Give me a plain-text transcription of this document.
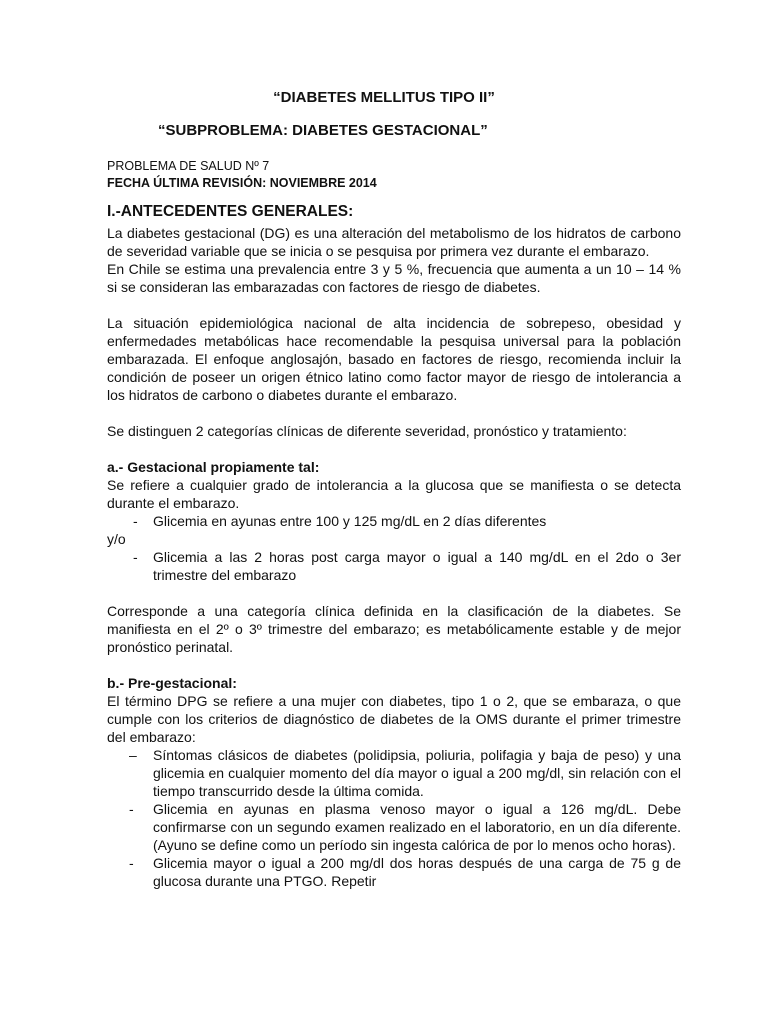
“DIABETES MELLITUS TIPO II”

“SUBPROBLEMA: DIABETES GESTACIONAL”

PROBLEMA DE SALUD Nº 7
FECHA ÚLTIMA REVISIÓN: NOVIEMBRE 2014
I.-ANTECEDENTES GENERALES:

La diabetes gestacional (DG) es una alteración del metabolismo de los hidratos de carbono de severidad variable que se inicia o se pesquisa por primera vez durante el embarazo.

En Chile se estima una prevalencia entre 3 y 5 %, frecuencia que aumenta a un 10 – 14 % si se consideran las embarazadas con factores de riesgo de diabetes.

La situación epidemiológica nacional de alta incidencia de sobrepeso, obesidad y enfermedades metabólicas hace recomendable la pesquisa universal para la población embarazada. El enfoque anglosajón, basado en factores de riesgo, recomienda incluir la condición de poseer un origen étnico latino como factor mayor de riesgo de intolerancia a los hidratos de carbono o diabetes durante el embarazo.

Se distinguen 2 categorías clínicas de diferente severidad, pronóstico y tratamiento:

a.- Gestacional propiamente tal:

Se refiere a cualquier grado de intolerancia a la glucosa que se manifiesta o se detecta durante el embarazo.

- Glicemia en ayunas entre 100 y 125 mg/dL en 2 días diferentes
y/o
- Glicemia a las 2 horas post carga mayor o igual a 140 mg/dL en el 2do o 3er trimestre del embarazo

Corresponde a una categoría clínica definida en la clasificación de la diabetes. Se manifiesta en el 2º o 3º trimestre del embarazo; es metabólicamente estable y de mejor pronóstico perinatal.

b.- Pre-gestacional:

El término DPG se refiere a una mujer con diabetes, tipo 1 o 2, que se embaraza, o que cumple con los criterios de diagnóstico de diabetes de la OMS durante el primer trimestre del embarazo:

– Síntomas clásicos de diabetes (polidipsia, poliuria, polifagia y baja de peso) y una glicemia en cualquier momento del día mayor o igual a 200 mg/dl, sin relación con el tiempo transcurrido desde la última comida.
- Glicemia en ayunas en plasma venoso mayor o igual a 126 mg/dL. Debe confirmarse con un segundo examen realizado en el laboratorio, en un día diferente. (Ayuno se define como un período sin ingesta calórica de por lo menos ocho horas).
- Glicemia mayor o igual a 200 mg/dl dos horas después de una carga de 75 g de glucosa durante una PTGO. Repetir
